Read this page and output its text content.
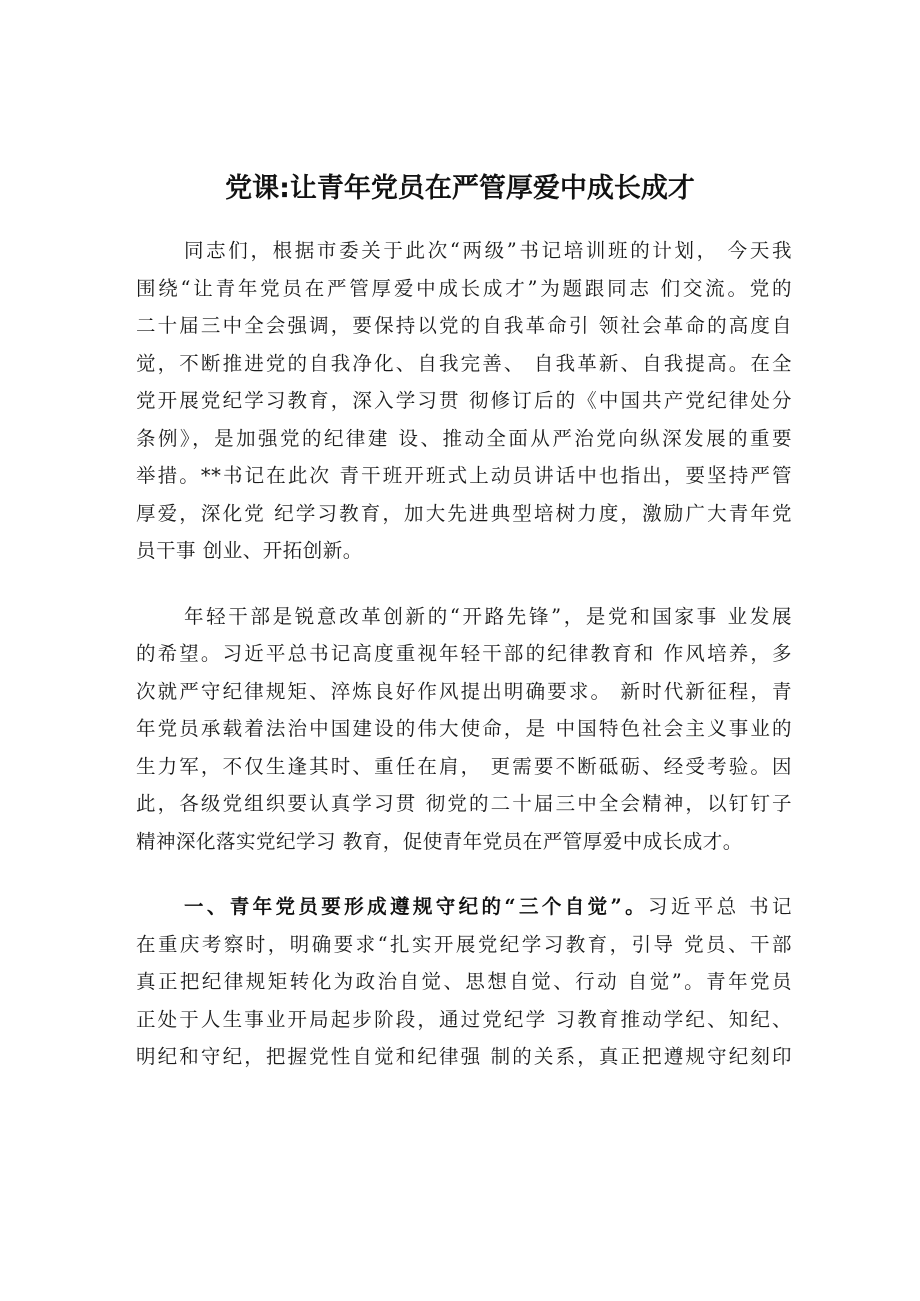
党课:让青年党员在严管厚爱中成长成才
同志们，根据市委关于此次“两级”书记培训班的计划， 今天我
围绕“让青年党员在严管厚爱中成长成才”为题跟同志 们交流。党的
二十届三中全会强调，要保持以党的自我革命引 领社会革命的高度自
觉，不断推进党的自我净化、自我完善、 自我革新、自我提高。在全
党开展党纪学习教育，深入学习贯 彻修订后的《中国共产党纪律处分
条例》，是加强党的纪律建 设、推动全面从严治党向纵深发展的重要
举措。**书记在此次 青干班开班式上动员讲话中也指出，要坚持严管
厚爱，深化党 纪学习教育，加大先进典型培树力度，激励广大青年党
员干事 创业、开拓创新。
年轻干部是锐意改革创新的“开路先锋”，是党和国家事 业发展
的希望。习近平总书记高度重视年轻干部的纪律教育和 作风培养，多
次就严守纪律规矩、淬炼良好作风提出明确要求。 新时代新征程，青
年党员承载着法治中国建设的伟大使命，是 中国特色社会主义事业的
生力军，不仅生逢其时、重任在肩， 更需要不断砥砺、经受考验。因
此，各级党组织要认真学习贯 彻党的二十届三中全会精神，以钉钉子
精神深化落实党纪学习 教育，促使青年党员在严管厚爱中成长成才。
一、青年党员要形成遵规守纪的“三个自觉”。习近平总 书记
在重庆考察时，明确要求“扎实开展党纪学习教育，引导 党员、干部
真正把纪律规矩转化为政治自觉、思想自觉、行动 自觉”。青年党员
正处于人生事业开局起步阶段，通过党纪学 习教育推动学纪、知纪、
明纪和守纪，把握党性自觉和纪律强 制的关系，真正把遵规守纪刻印
